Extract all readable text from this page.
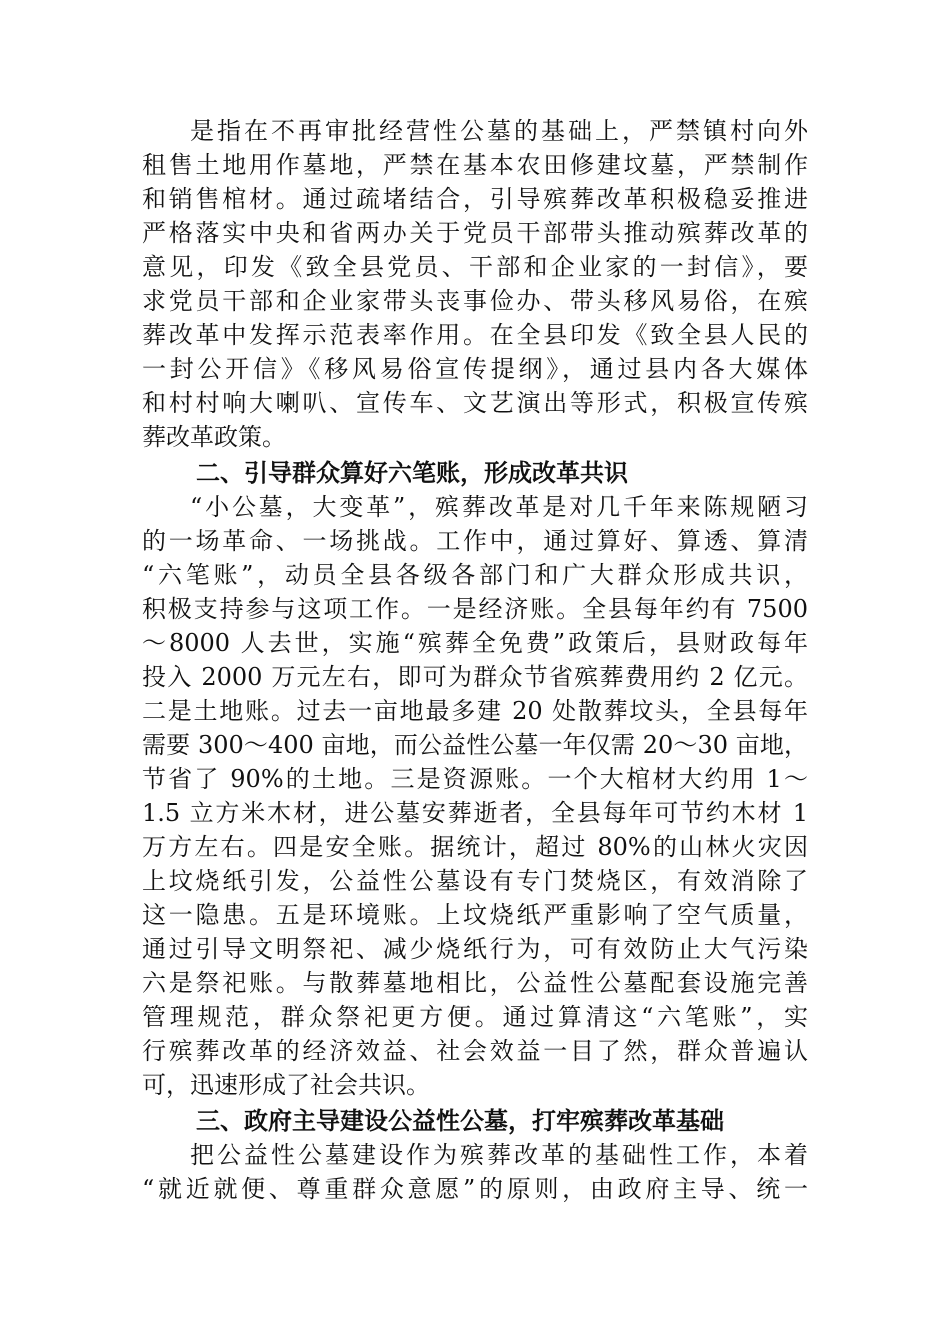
是指在不再审批经营性公墓的基础上，严禁镇村向外
租售土地用作墓地，严禁在基本农田修建坟墓，严禁制作
和销售棺材。通过疏堵结合，引导殡葬改革积极稳妥推进
严格落实中央和省两办关于党员干部带头推动殡葬改革的
意见，印发《致全县党员、干部和企业家的一封信》，要
求党员干部和企业家带头丧事俭办、带头移风易俗，在殡
葬改革中发挥示范表率作用。在全县印发《致全县人民的
一封公开信》《移风易俗宣传提纲》，通过县内各大媒体
和村村响大喇叭、宣传车、文艺演出等形式，积极宣传殡
葬改革政策。
二、引导群众算好六笔账，形成改革共识
“小公墓，大变革”，殡葬改革是对几千年来陈规陋习
的一场革命、一场挑战。工作中，通过算好、算透、算清
“六笔账”，动员全县各级各部门和广大群众形成共识，
积极支持参与这项工作。一是经济账。全县每年约有 7500
～8000 人去世，实施“殡葬全免费”政策后，县财政每年
投入 2000 万元左右，即可为群众节省殡葬费用约 2 亿元。
二是土地账。过去一亩地最多建 20 处散葬坟头，全县每年
需要 300～400 亩地，而公益性公墓一年仅需 20～30 亩地，
节省了 90%的土地。三是资源账。一个大棺材大约用 1～
1.5 立方米木材，进公墓安葬逝者，全县每年可节约木材 1
万方左右。四是安全账。据统计，超过 80%的山林火灾因
上坟烧纸引发，公益性公墓设有专门焚烧区，有效消除了
这一隐患。五是环境账。上坟烧纸严重影响了空气质量，
通过引导文明祭祀、减少烧纸行为，可有效防止大气污染
六是祭祀账。与散葬墓地相比，公益性公墓配套设施完善
管理规范，群众祭祀更方便。通过算清这“六笔账”，实
行殡葬改革的经济效益、社会效益一目了然，群众普遍认
可，迅速形成了社会共识。
三、政府主导建设公益性公墓，打牢殡葬改革基础
把公益性公墓建设作为殡葬改革的基础性工作，本着
“就近就便、尊重群众意愿”的原则，由政府主导、统一
